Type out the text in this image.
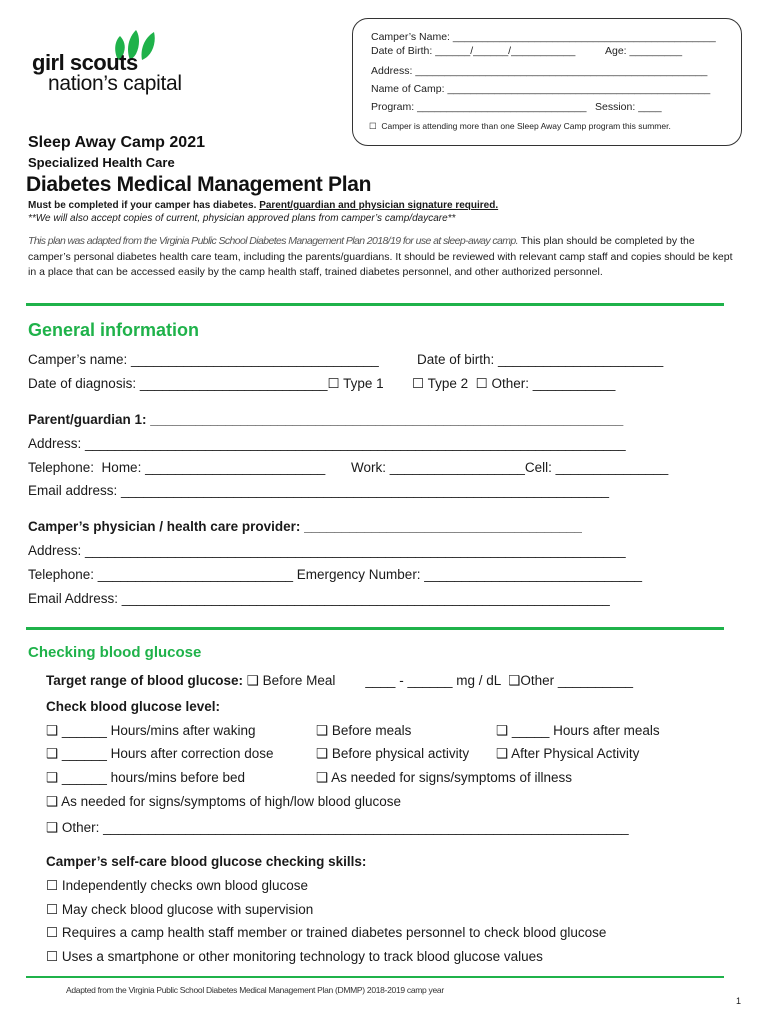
girl scouts
nation’s capital
Camper’s Name: _____________________________________________
Date of Birth: ______/______/___________	Age: _________
Address: __________________________________________________
Name of Camp: _____________________________________________
Program: _____________________________ Session: ____
☐  Camper is attending more than one Sleep Away Camp program this summer.
Sleep Away Camp 2021
Specialized Health Care
Diabetes Medical Management Plan
Must be completed if your camper has diabetes. Parent/guardian and physician signature required.
**We will also accept copies of current, physician approved plans from camper’s camp/daycare**
This plan was adapted from the Virginia Public School Diabetes Management Plan 2018/19 for use at sleep-away camp. This plan should be completed by the camper’s personal diabetes health care team, including the parents/guardians. It should be reviewed with relevant camp staff and copies should be kept in a place that can be accessed easily by the camp health staff, trained diabetes personnel, and other authorized personnel.
General information
Camper’s name: _________________________________	Date of birth: ______________________
Date of diagnosis: _________________________☐ Type 1 ☐ Type 2  ☐ Other: ___________
Parent/guardian 1: _______________________________________________________________
Address: ________________________________________________________________________
Telephone:  Home: ________________________ Work: __________________Cell: _______________
Email address: _________________________________________________________________
Camper’s physician / health care provider: _____________________________________
Address: ________________________________________________________________________
Telephone: __________________________ Emergency Number: _____________________________
Email Address: _________________________________________________________________
Checking blood glucose
Target range of blood glucose: ❑ Before Meal        ____ - ______ mg / dL  ❑Other __________
Check blood glucose level:
❑ ______ Hours/mins after waking	❑ Before meals	❑ _____ Hours after meals
❑ ______ Hours after correction dose	❑ Before physical activity ❑ After Physical Activity
❑ ______ hours/mins before bed	❑ As needed for signs/symptoms of illness
❑ As needed for signs/symptoms of high/low blood glucose
❑ Other: ______________________________________________________________________
Camper’s self-care blood glucose checking skills:
☐ Independently checks own blood glucose
☐ May check blood glucose with supervision
☐ Requires a camp health staff member or trained diabetes personnel to check blood glucose
☐ Uses a smartphone or other monitoring technology to track blood glucose values
Adapted from the Virginia Public School Diabetes Medical Management Plan (DMMP) 2018-2019 camp year
1
